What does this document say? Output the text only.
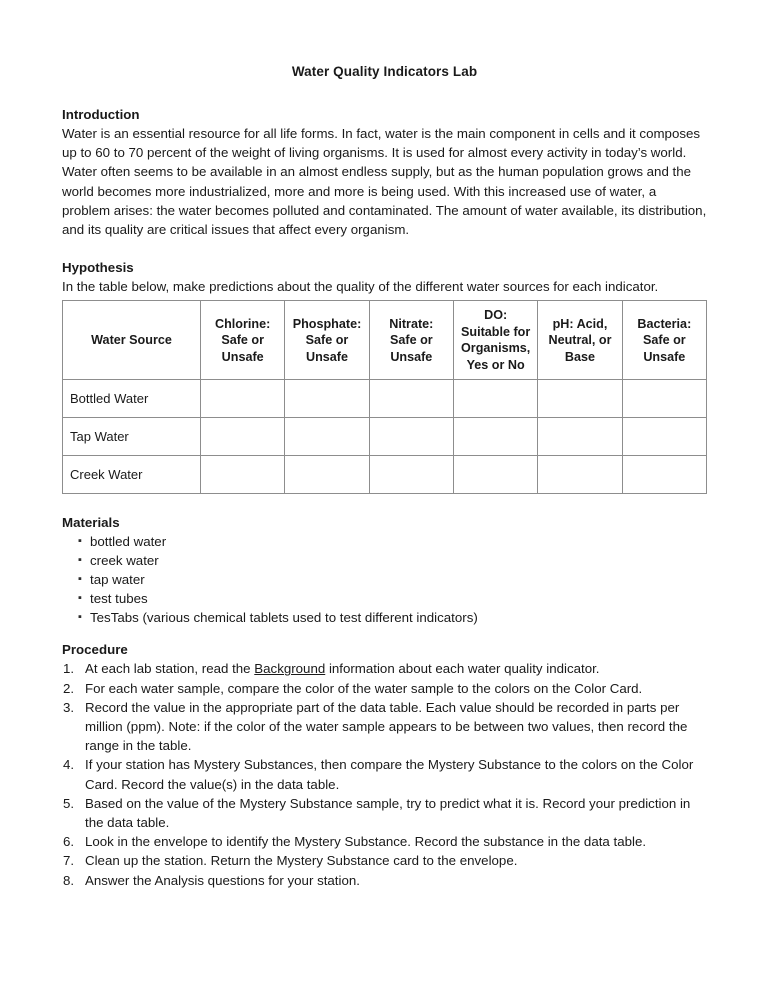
Water Quality Indicators Lab
Introduction

Water is an essential resource for all life forms. In fact, water is the main component in cells and it composes up to 60 to 70 percent of the weight of living organisms. It is used for almost every activity in today’s world. Water often seems to be available in an almost endless supply, but as the human population grows and the world becomes more industrialized, more and more is being used. With this increased use of water, a problem arises: the water becomes polluted and contaminated. The amount of water available, its distribution, and its quality are critical issues that affect every organism.

Hypothesis

In the table below, make predictions about the quality of the different water sources for each indicator.

Water Source	Chlorine: Safe or Unsafe	Phosphate: Safe or Unsafe	Nitrate: Safe or Unsafe	DO: Suitable for Organisms, Yes or No	pH: Acid, Neutral, or Base	Bacteria: Safe or Unsafe
Bottled Water						
Tap Water						
Creek Water						
Materials
▪ bottled water
▪ creek water
▪ tap water
▪ test tubes
▪ TesTabs (various chemical tablets used to test different indicators)
Procedure
At each lab station, read the Background information about each water quality indicator.
For each water sample, compare the color of the water sample to the colors on the Color Card.
Record the value in the appropriate part of the data table. Each value should be recorded in parts per million (ppm). Note: if the color of the water sample appears to be between two values, then record the range in the table.
If your station has Mystery Substances, then compare the Mystery Substance to the colors on the Color Card. Record the value(s) in the data table.
Based on the value of the Mystery Substance sample, try to predict what it is. Record your prediction in the data table.
Look in the envelope to identify the Mystery Substance. Record the substance in the data table.
Clean up the station. Return the Mystery Substance card to the envelope.
Answer the Analysis questions for your station.
